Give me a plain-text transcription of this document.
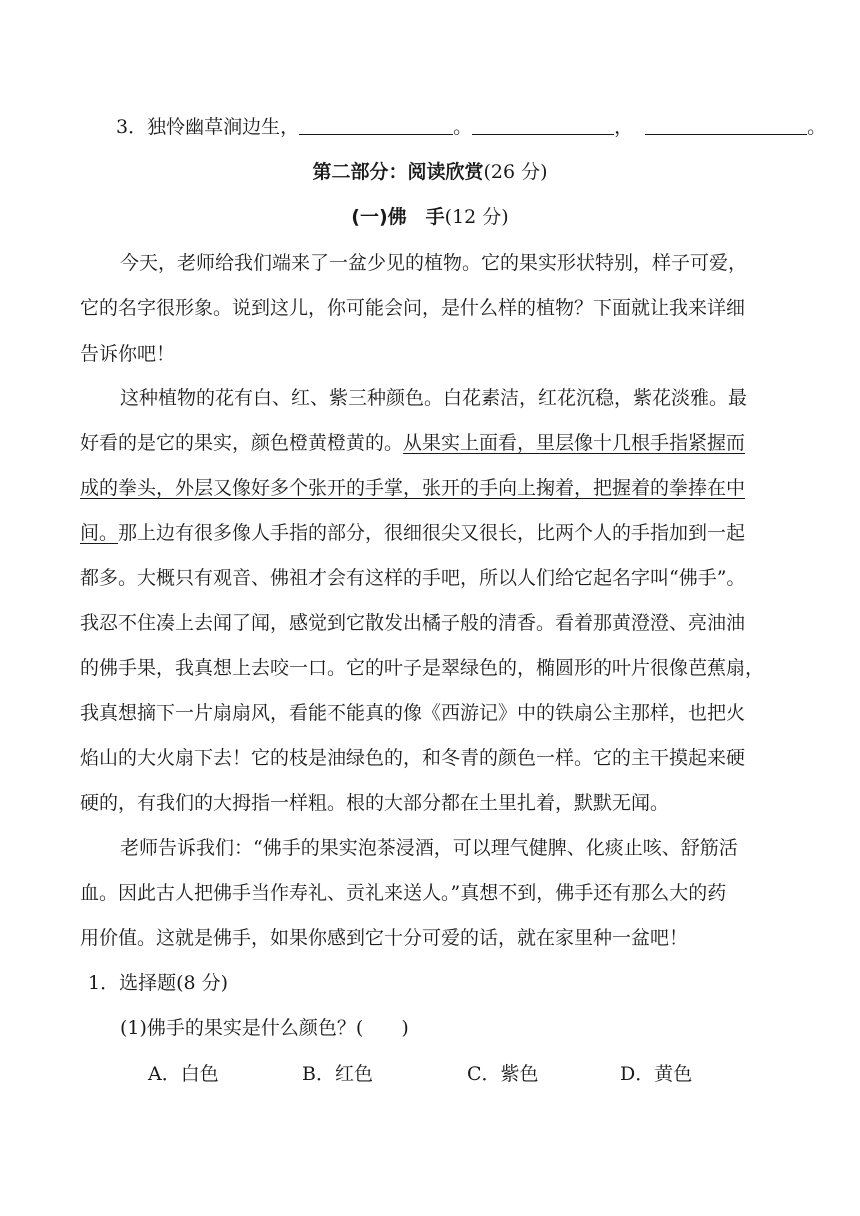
3．独怜幽草涧边生，	。	，	。
第二部分：阅读欣赏(26 分)
(一)佛　手(12 分)
今天，老师给我们端来了一盆少见的植物。它的果实形状特别，样子可爱，
它的名字很形象。说到这儿，你可能会问，是什么样的植物？下面就让我来详细
告诉你吧！
这种植物的花有白、红、紫三种颜色。白花素洁，红花沉稳，紫花淡雅。最
好看的是它的果实，颜色橙黄橙黄的。从果实上面看，里层像十几根手指紧握而
成的拳头，外层又像好多个张开的手掌，张开的手向上掬着，把握着的拳捧在中
间。那上边有很多像人手指的部分，很细很尖又很长，比两个人的手指加到一起
都多。大概只有观音、佛祖才会有这样的手吧，所以人们给它起名字叫“佛手”。
我忍不住凑上去闻了闻，感觉到它散发出橘子般的清香。看着那黄澄澄、亮油油
的佛手果，我真想上去咬一口。它的叶子是翠绿色的，椭圆形的叶片很像芭蕉扇，
我真想摘下一片扇扇风，看能不能真的像《西游记》中的铁扇公主那样，也把火
焰山的大火扇下去！它的枝是油绿色的，和冬青的颜色一样。它的主干摸起来硬
硬的，有我们的大拇指一样粗。根的大部分都在土里扎着，默默无闻。
老师告诉我们：“佛手的果实泡茶浸酒，可以理气健脾、化痰止咳、舒筋活
血。因此古人把佛手当作寿礼、贡礼来送人。”真想不到，佛手还有那么大的药
用价值。这就是佛手，如果你感到它十分可爱的话，就在家里种一盆吧！
1．选择题(8 分)
(1)佛手的果实是什么颜色？(　　)
A．白色	B．红色	C．紫色	D．黄色
